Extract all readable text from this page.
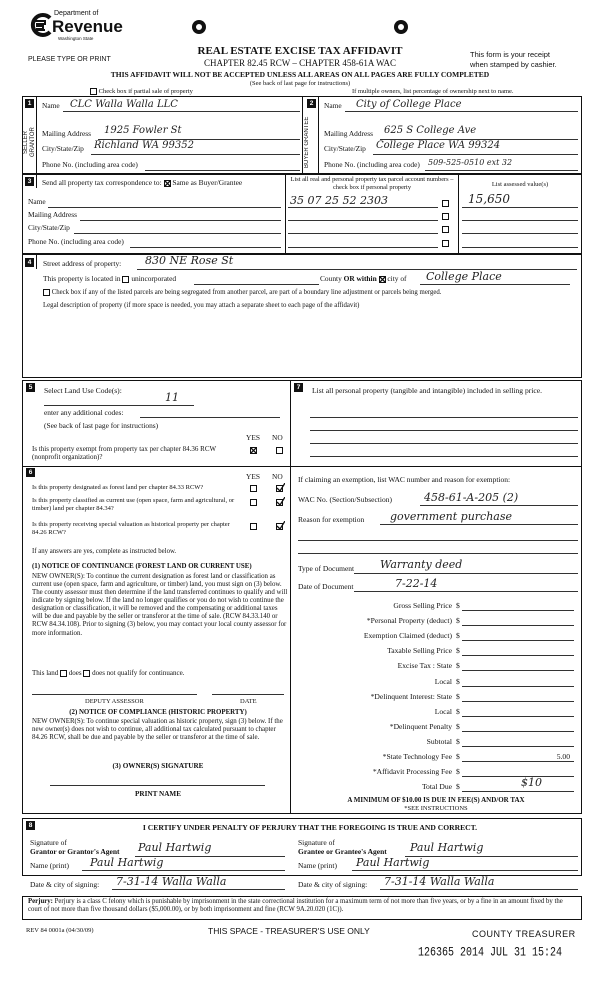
Department of
Revenue
Washington State
PLEASE TYPE OR PRINT
REAL ESTATE EXCISE TAX AFFIDAVIT
CHAPTER 82.45 RCW – CHAPTER 458-61A WAC
This form is your receipt
when stamped by cashier.
THIS AFFIDAVIT WILL NOT BE ACCEPTED UNLESS ALL AREAS ON ALL PAGES ARE FULLY COMPLETED
(See back of last page for instructions)
Check box if partial sale of property	If multiple owners, list percentage of ownership next to name.
1
SELLER GRANTOR
Name CLC Walla Walla LLC
Mailing Address 1925 Fowler St
City/State/Zip Richland WA 99352
Phone No. (including area code)
2
BUYER GRANTEE
Name City of College Place
Mailing Address 625 S College Ave
City/State/Zip College Place WA 99324
Phone No. (including area code) 509-525-0510 ext 32
3	Send all property tax correspondence to: Same as Buyer/Grantee	List all real and personal property tax parcel account numbers – check box if personal property	List assessed value(s)
Name
Mailing Address
City/State/Zip
Phone No. (including area code)
35 07 25 52 2303	15,650
4	Street address of property: 830 NE Rose St
This property is located in unincorporated	County OR within city of College Place
Check box if any of the listed parcels are being segregated from another parcel, are part of a boundary line adjustment or parcels being merged.
Legal description of property (if more space is needed, you may attach a separate sheet to each page of the affidavit)
5	Select Land Use Code(s):
11
enter any additional codes:
(See back of last page for instructions)
YES NO
Is this property exempt from property tax per chapter 84.36 RCW (nonprofit organization)?
6	YES NO
Is this property designated as forest land per chapter 84.33 RCW?
Is this property classified as current use (open space, farm and agricultural, or timber) land per chapter 84.34?
Is this property receiving special valuation as historical property per chapter 84.26 RCW?
If any answers are yes, complete as instructed below.
(1) NOTICE OF CONTINUANCE (FOREST LAND OR CURRENT USE)
NEW OWNER(S): To continue the current designation as forest land or classification as current use (open space, farm and agriculture, or timber) land, you must sign on (3) below. The county assessor must then determine if the land transferred continues to qualify and will indicate by signing below. If the land no longer qualifies or you do not wish to continue the designation or classification, it will be removed and the compensating or additional taxes will be due and payable by the seller or transferor at the time of sale. (RCW 84.33.140 or RCW 84.34.108). Prior to signing (3) below, you may contact your local county assessor for more information.
This land does does not qualify for continuance.
DEPUTY ASSESSOR	DATE
(2) NOTICE OF COMPLIANCE (HISTORIC PROPERTY)
NEW OWNER(S): To continue special valuation as historic property, sign (3) below. If the new owner(s) does not wish to continue, all additional tax calculated pursuant to chapter 84.26 RCW, shall be due and payable by the seller or transferor at the time of sale.
(3) OWNER(S) SIGNATURE
PRINT NAME
7	List all personal property (tangible and intangible) included in selling price.
If claiming an exemption, list WAC number and reason for exemption:
WAC No. (Section/Subsection)	458-61-A-205 (2)
Reason for exemption government purchase
Type of Document Warranty deed
Date of Document	7-22-14
Gross Selling Price $
*Personal Property (deduct) $
Exemption Claimed (deduct) $
Taxable Selling Price $
Excise Tax : State $
Local $
*Delinquent Interest: State $
Local $
*Delinquent Penalty $
Subtotal $
*State Technology Fee $	5.00
*Affidavit Processing Fee $
Total Due $	$10
A MINIMUM OF $10.00 IS DUE IN FEE(S) AND/OR TAX
*SEE INSTRUCTIONS
8	I CERTIFY UNDER PENALTY OF PERJURY THAT THE FOREGOING IS TRUE AND CORRECT.
Signature of
Grantor or Grantor's Agent Paul Hartwig
Name (print) Paul Hartwig
Signature of
Grantee or Grantee's Agent Paul Hartwig
Name (print) Paul Hartwig
Date & city of signing: 7-31-14 Walla Walla	Date & city of signing: 7-31-14 Walla Walla
Perjury: Perjury is a class C felony which is punishable by imprisonment in the state correctional institution for a maximum term of not more than five years, or by a fine in an amount fixed by the court of not more than five thousand dollars ($5,000.00), or by both imprisonment and fine (RCW 9A.20.020 (1C)).
REV 84 0001a (04/30/09)	THIS SPACE - TREASURER'S USE ONLY	COUNTY TREASURER
126365 2014 JUL 31 15:24
